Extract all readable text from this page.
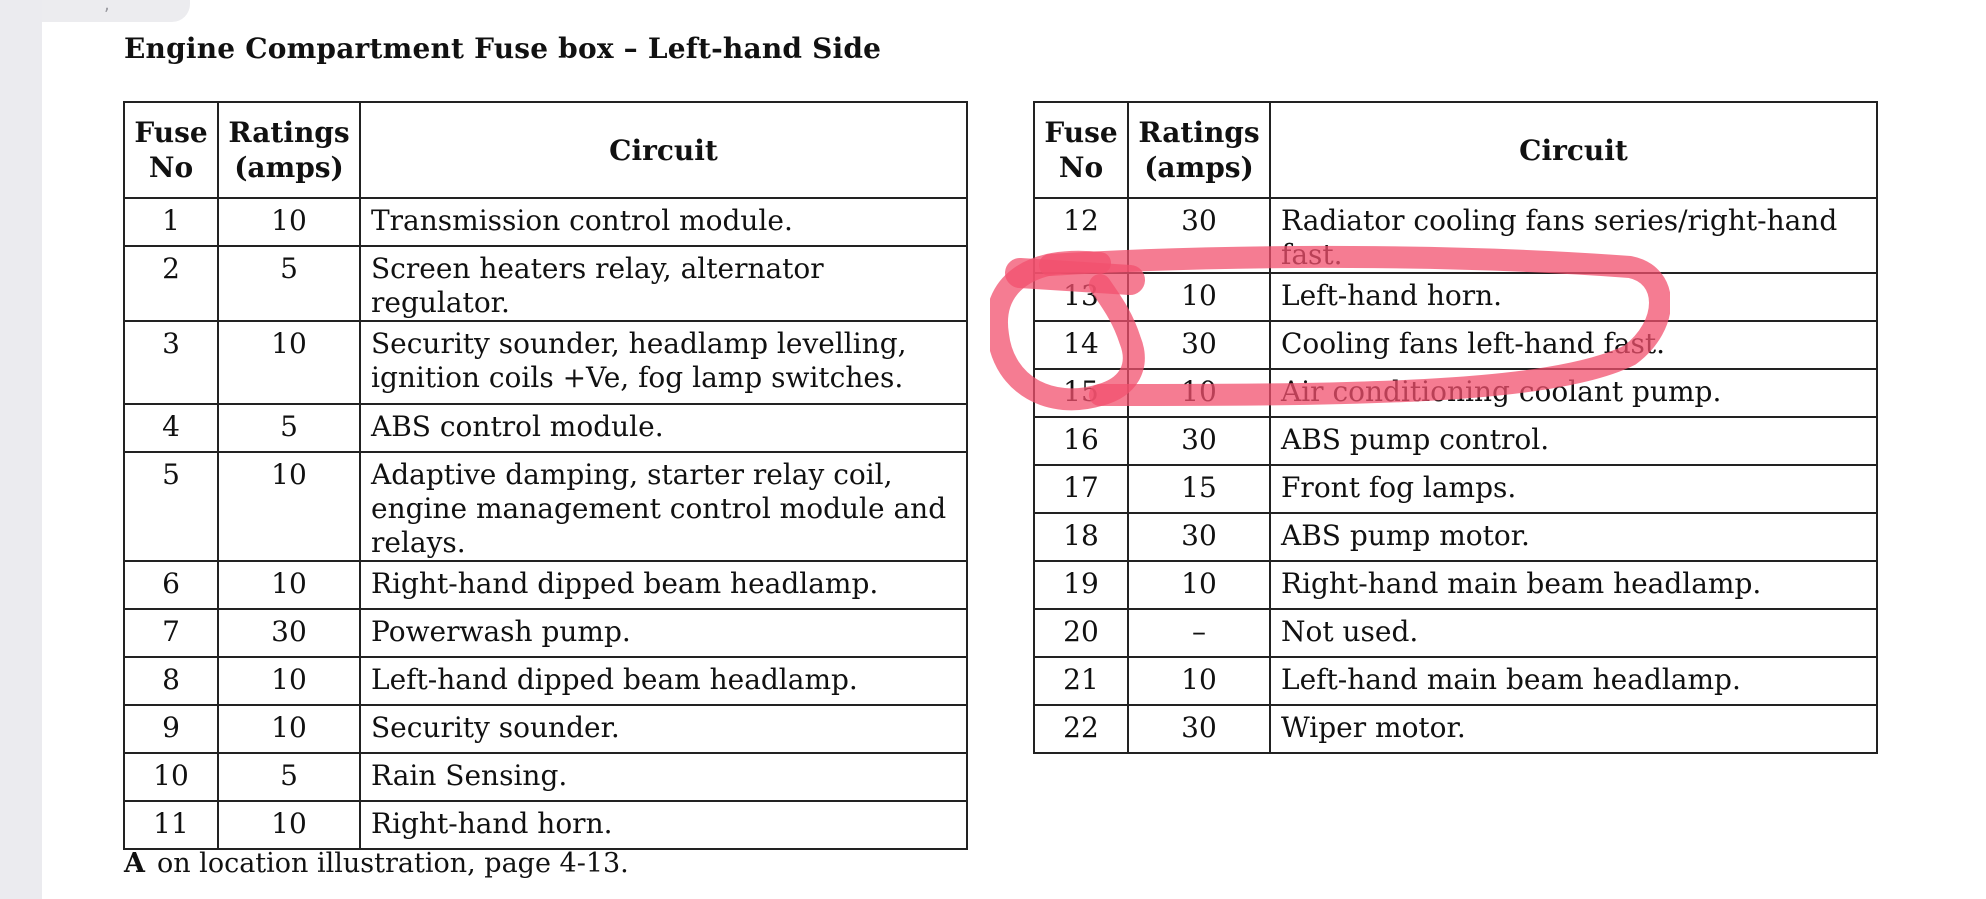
,
Engine Compartment Fuse box – Left-hand Side
Fuse No	Ratings (amps)	Circuit
1	10	Transmission control module.
2	5	Screen heaters relay, alternator regulator.
3	10	Security sounder, headlamp levelling, ignition coils +Ve, fog lamp switches.
4	5	ABS control module.
5	10	Adaptive damping, starter relay coil, engine management control module and relays.
6	10	Right-hand dipped beam headlamp.
7	30	Powerwash pump.
8	10	Left-hand dipped beam headlamp.
9	10	Security sounder.
10	5	Rain Sensing.
11	10	Right-hand horn.
Fuse No	Ratings (amps)	Circuit
12	30	Radiator cooling fans series/right-hand fast.
13	10	Left-hand horn.
14	30	Cooling fans left-hand fast.
15	10	Air conditioning coolant pump.
16	30	ABS pump control.
17	15	Front fog lamps.
18	30	ABS pump motor.
19	10	Right-hand main beam headlamp.
20	–	Not used.
21	10	Left-hand main beam headlamp.
22	30	Wiper motor.
A on location illustration, page 4-13.
